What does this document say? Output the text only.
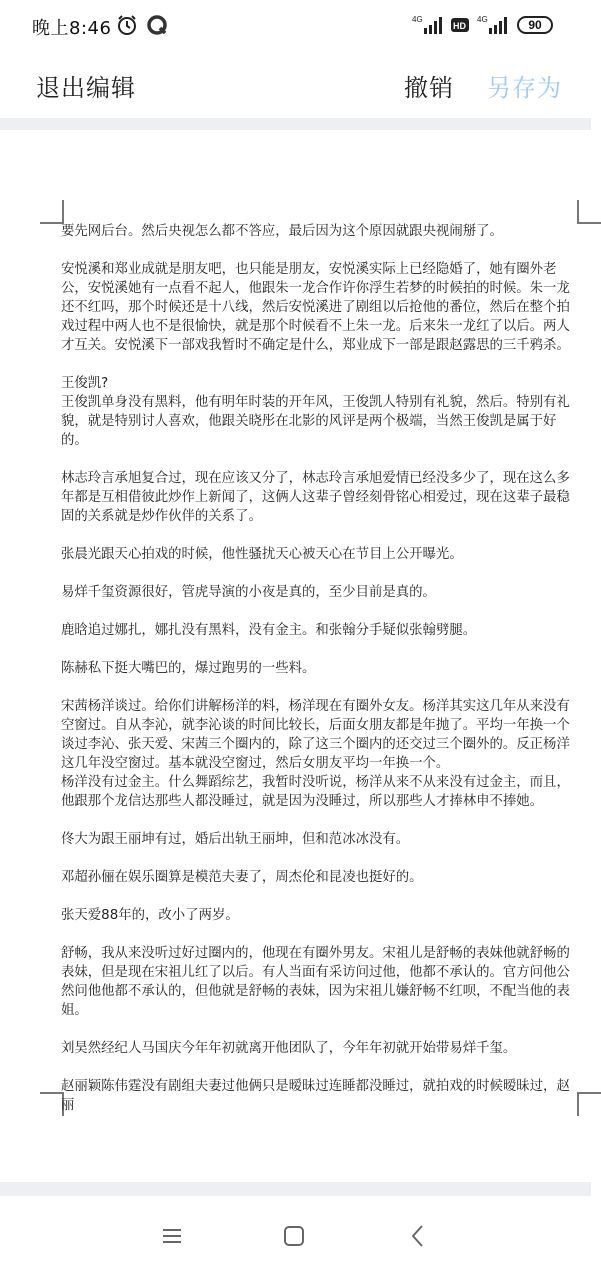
晚上8:46	4G
HD
4G	90
退出编辑	撤销 另存为

要先网后台。然后央视怎么都不答应，最后因为这个原因就跟央视闹掰了。

安悦溪和郑业成就是朋友吧，也只能是朋友，安悦溪实际上已经隐婚了，她有圈外老公，安悦溪她有一点看不起人，他跟朱一龙合作许你浮生若梦的时候拍的时候。朱一龙还不红吗，那个时候还是十八线，然后安悦溪进了剧组以后抢他的番位，然后在整个拍戏过程中两人也不是很愉快，就是那个时候看不上朱一龙。后来朱一龙红了以后。两人才互关。安悦溪下一部戏我暂时不确定是什么，郑业成下一部是跟赵露思的三千鸦杀。

王俊凯?
王俊凯单身没有黑料，他有明年时装的开年风，王俊凯人特别有礼貌，然后。特别有礼貌，就是特别讨人喜欢，他跟关晓彤在北影的风评是两个极端，当然王俊凯是属于好的。

林志玲言承旭复合过，现在应该又分了，林志玲言承旭爱情已经没多少了，现在这么多年都是互相借彼此炒作上新闻了，这俩人这辈子曾经刻骨铭心相爱过，现在这辈子最稳固的关系就是炒作伙伴的关系了。

张晨光跟天心拍戏的时候，他性骚扰天心被天心在节目上公开曝光。

易烊千玺资源很好，管虎导演的小夜是真的，至少目前是真的。

鹿晗追过娜扎，娜扎没有黑料，没有金主。和张翰分手疑似张翰劈腿。

陈赫私下挺大嘴巴的，爆过跑男的一些料。

宋茜杨洋谈过。给你们讲解杨洋的料，杨洋现在有圈外女友。杨洋其实这几年从来没有空窗过。自从李沁，就李沁谈的时间比较长，后面女朋友都是年抛了。平均一年换一个谈过李沁、张天爱、宋茜三个圈内的，除了这三个圈内的还交过三个圈外的。反正杨洋这几年没空窗过。基本就没空窗过，然后女朋友平均一年换一个。
杨洋没有过金主。什么舞蹈综艺，我暂时没听说，杨洋从来不从来没有过金主，而且，他跟那个龙信达那些人都没睡过，就是因为没睡过，所以那些人才捧林申不捧她。

佟大为跟王丽坤有过，婚后出轨王丽坤，但和范冰冰没有。

邓超孙俪在娱乐圈算是模范夫妻了，周杰伦和昆凌也挺好的。

张天爱88年的，改小了两岁。

舒畅，我从来没听过好过圈内的，他现在有圈外男友。宋祖儿是舒畅的表妹他就舒畅的表妹，但是现在宋祖儿红了以后。有人当面有采访问过他，他都不承认的。官方问他公然问他他都不承认的，但他就是舒畅的表妹，因为宋祖儿嫌舒畅不红呗，不配当他的表姐。

刘昊然经纪人马国庆今年年初就离开他团队了，今年年初就开始带易烊千玺。

赵丽颖陈伟霆没有剧组夫妻过他俩只是暧昧过连睡都没睡过，就拍戏的时候暧昧过，赵丽
